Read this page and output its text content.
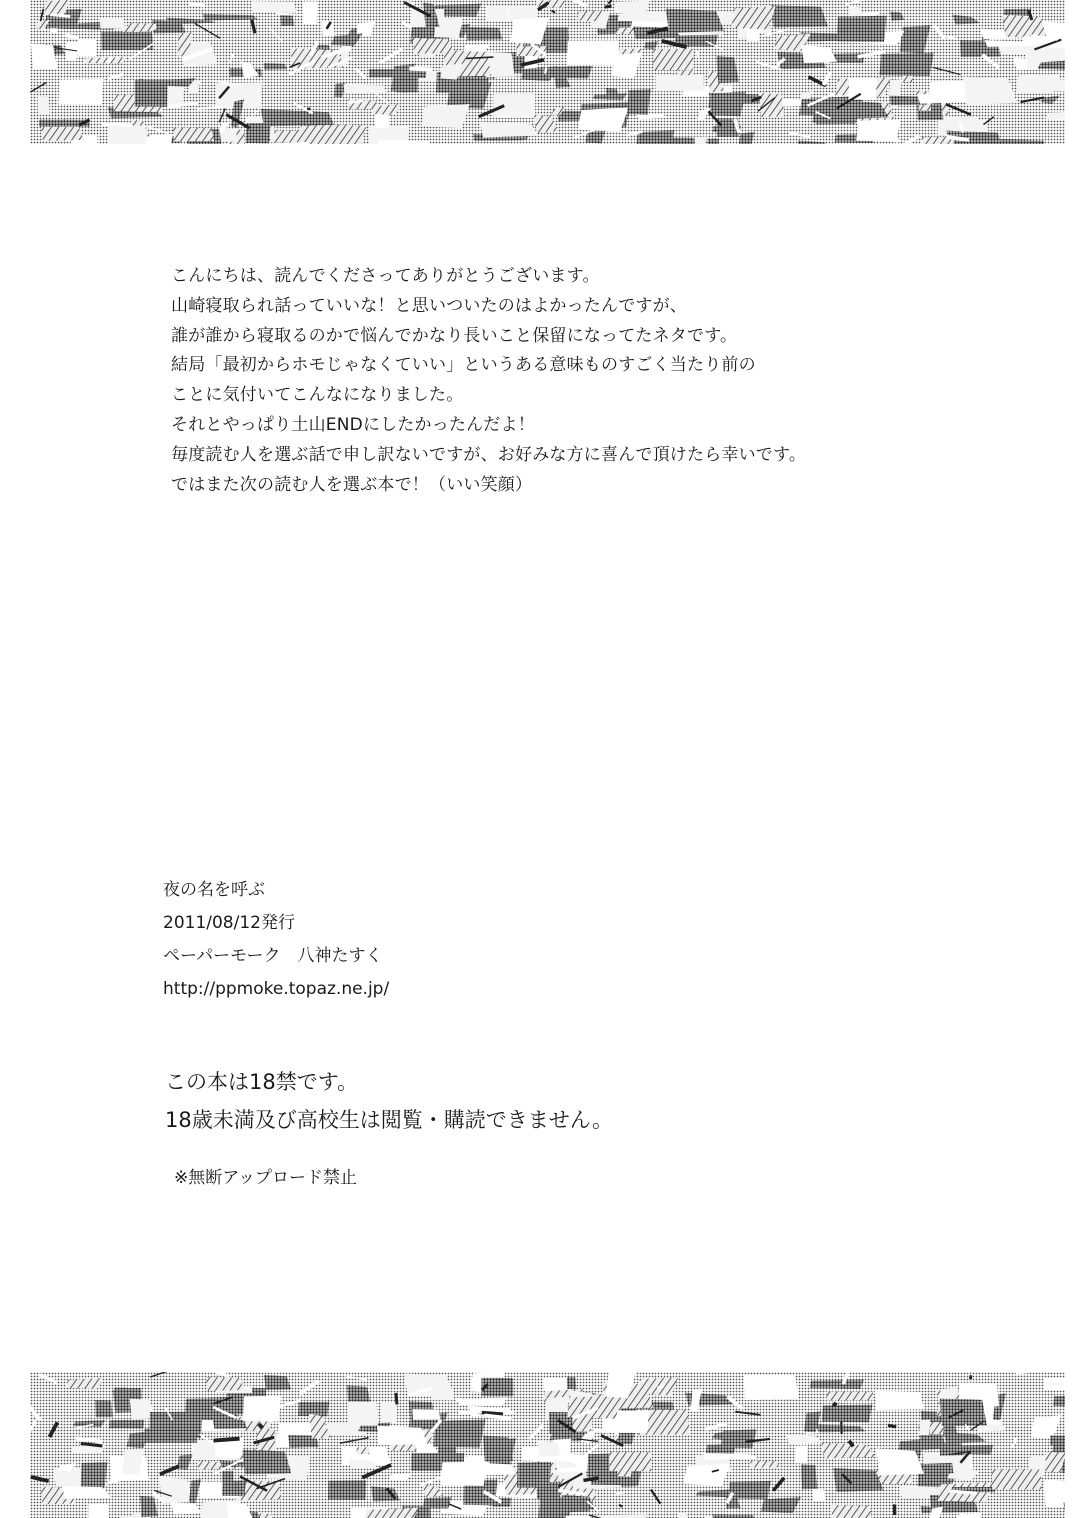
こんにちは、読んでくださってありがとうございます。

山崎寝取られ話っていいな！と思いついたのはよかったんですが、

誰が誰から寝取るのかで悩んでかなり長いこと保留になってたネタです。

結局「最初からホモじゃなくていい」というある意味ものすごく当たり前の

ことに気付いてこんなになりました。

それとやっぱり土山ENDにしたかったんだよ！

毎度読む人を選ぶ話で申し訳ないですが、お好みな方に喜んで頂けたら幸いです。

ではまた次の読む人を選ぶ本で！（いい笑顔）

夜の名を呼ぶ

2011/08/12発行

ペーパーモーク　八神たすく

http://ppmoke.topaz.ne.jp/

この本は18禁です。

18歳未満及び高校生は閲覧・購読できません。

※無断アップロード禁止
